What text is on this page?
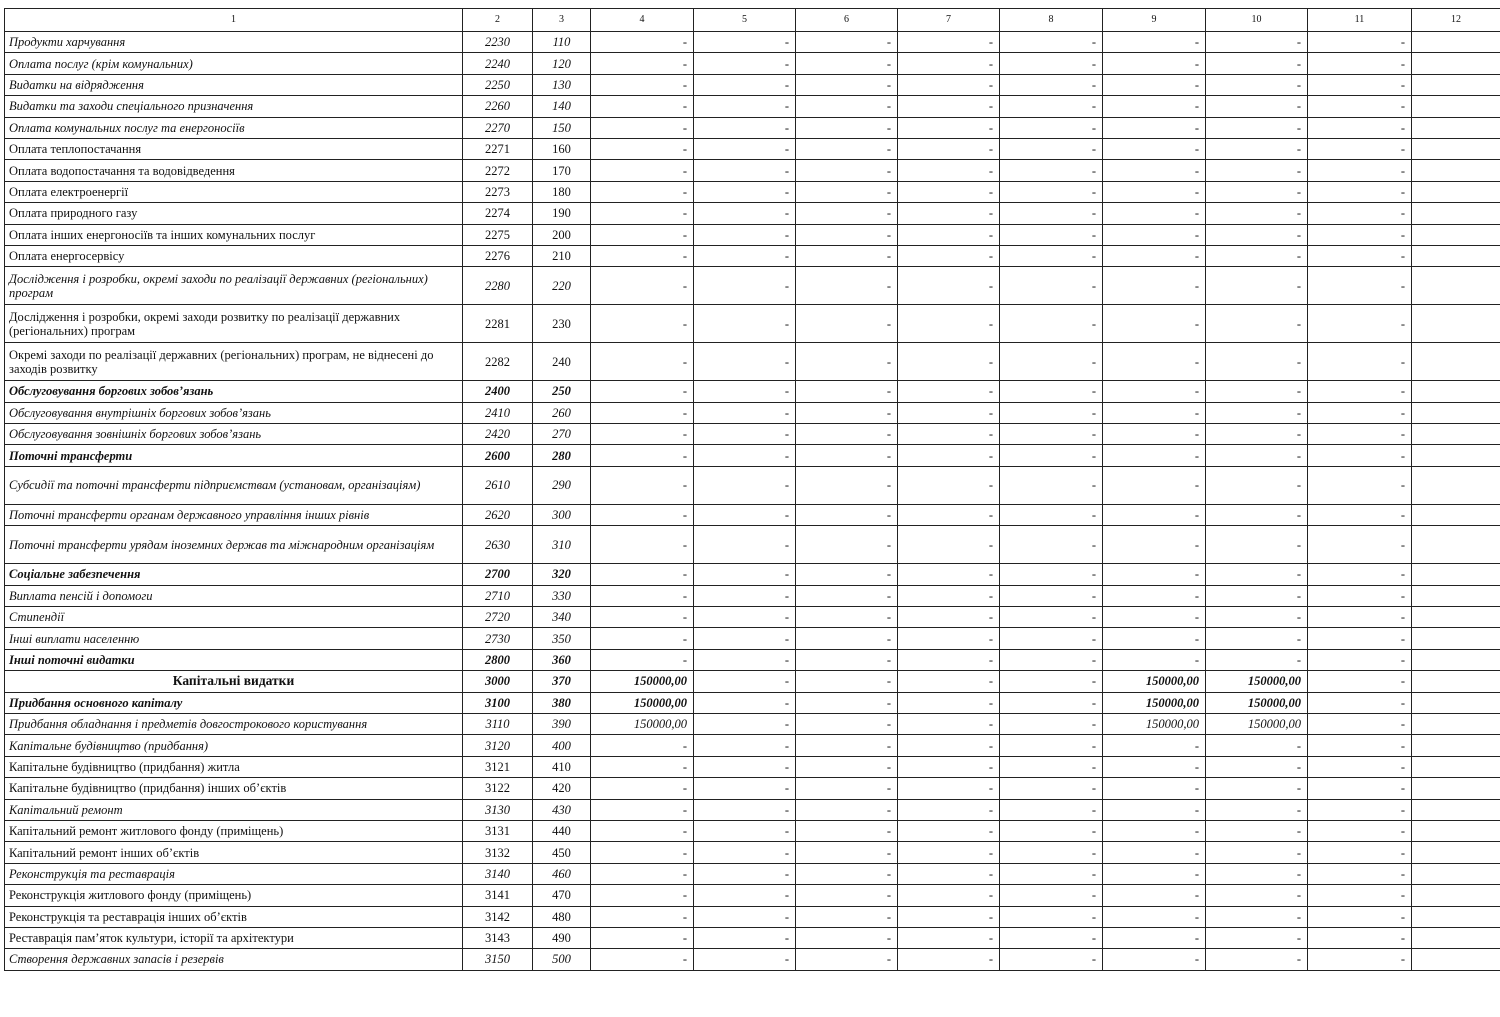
1	2	3	4	5	6	7	8	9	10	11	12
Продукти харчування	2230	110	-	-	-	-	-	-	-	-	
Оплата послуг (крім комунальних)	2240	120	-	-	-	-	-	-	-	-	
Видатки на відрядження	2250	130	-	-	-	-	-	-	-	-	
Видатки та заходи спеціального призначення	2260	140	-	-	-	-	-	-	-	-	
Оплата комунальних послуг та енергоносіїв	2270	150	-	-	-	-	-	-	-	-	
Оплата теплопостачання	2271	160	-	-	-	-	-	-	-	-	
Оплата водопостачання та водовідведення	2272	170	-	-	-	-	-	-	-	-	
Оплата електроенергії	2273	180	-	-	-	-	-	-	-	-	
Оплата природного газу	2274	190	-	-	-	-	-	-	-	-	
Оплата інших енергоносіїв та інших комунальних послуг	2275	200	-	-	-	-	-	-	-	-	
Оплата енергосервісу	2276	210	-	-	-	-	-	-	-	-	
Дослідження і розробки, окремі заходи по реалізації державних (регіональних) програм	2280	220	-	-	-	-	-	-	-	-	
Дослідження і розробки, окремі заходи розвитку по реалізації державних (регіональних) програм	2281	230	-	-	-	-	-	-	-	-	
Окремі заходи по реалізації державних (регіональних) програм, не віднесені до заходів розвитку	2282	240	-	-	-	-	-	-	-	-	
Обслуговування боргових зобов’язань	2400	250	-	-	-	-	-	-	-	-	
Обслуговування внутрішніх боргових зобов’язань	2410	260	-	-	-	-	-	-	-	-	
Обслуговування зовнішніх боргових зобов’язань	2420	270	-	-	-	-	-	-	-	-	
Поточні трансферти	2600	280	-	-	-	-	-	-	-	-	
Субсидії та поточні трансферти підприємствам (установам, організаціям)	2610	290	-	-	-	-	-	-	-	-	
Поточні трансферти органам державного управління інших рівнів	2620	300	-	-	-	-	-	-	-	-	
Поточні трансферти урядам іноземних держав та міжнародним організаціям	2630	310	-	-	-	-	-	-	-	-	
Соціальне забезпечення	2700	320	-	-	-	-	-	-	-	-	
Виплата пенсій і допомоги	2710	330	-	-	-	-	-	-	-	-	
Стипендії	2720	340	-	-	-	-	-	-	-	-	
Інші виплати населенню	2730	350	-	-	-	-	-	-	-	-	
Інші поточні видатки	2800	360	-	-	-	-	-	-	-	-	
Капітальні видатки	3000	370	150000,00	-	-	-	-	150000,00	150000,00	-	
Придбання основного капіталу	3100	380	150000,00	-	-	-	-	150000,00	150000,00	-	
Придбання обладнання і предметів довгострокового користування	3110	390	150000,00	-	-	-	-	150000,00	150000,00	-	
Капітальне будівництво (придбання)	3120	400	-	-	-	-	-	-	-	-	
Капітальне будівництво (придбання) житла	3121	410	-	-	-	-	-	-	-	-	
Капітальне будівництво (придбання) інших об’єктів	3122	420	-	-	-	-	-	-	-	-	
Капітальний ремонт	3130	430	-	-	-	-	-	-	-	-	
Капітальний ремонт житлового фонду (приміщень)	3131	440	-	-	-	-	-	-	-	-	
Капітальний ремонт інших об’єктів	3132	450	-	-	-	-	-	-	-	-	
Реконструкція та реставрація	3140	460	-	-	-	-	-	-	-	-	
Реконструкція житлового фонду (приміщень)	3141	470	-	-	-	-	-	-	-	-	
Реконструкція та реставрація інших об’єктів	3142	480	-	-	-	-	-	-	-	-	
Реставрація пам’яток культури, історії та архітектури	3143	490	-	-	-	-	-	-	-	-	
Створення державних запасів і резервів	3150	500	-	-	-	-	-	-	-	-	
